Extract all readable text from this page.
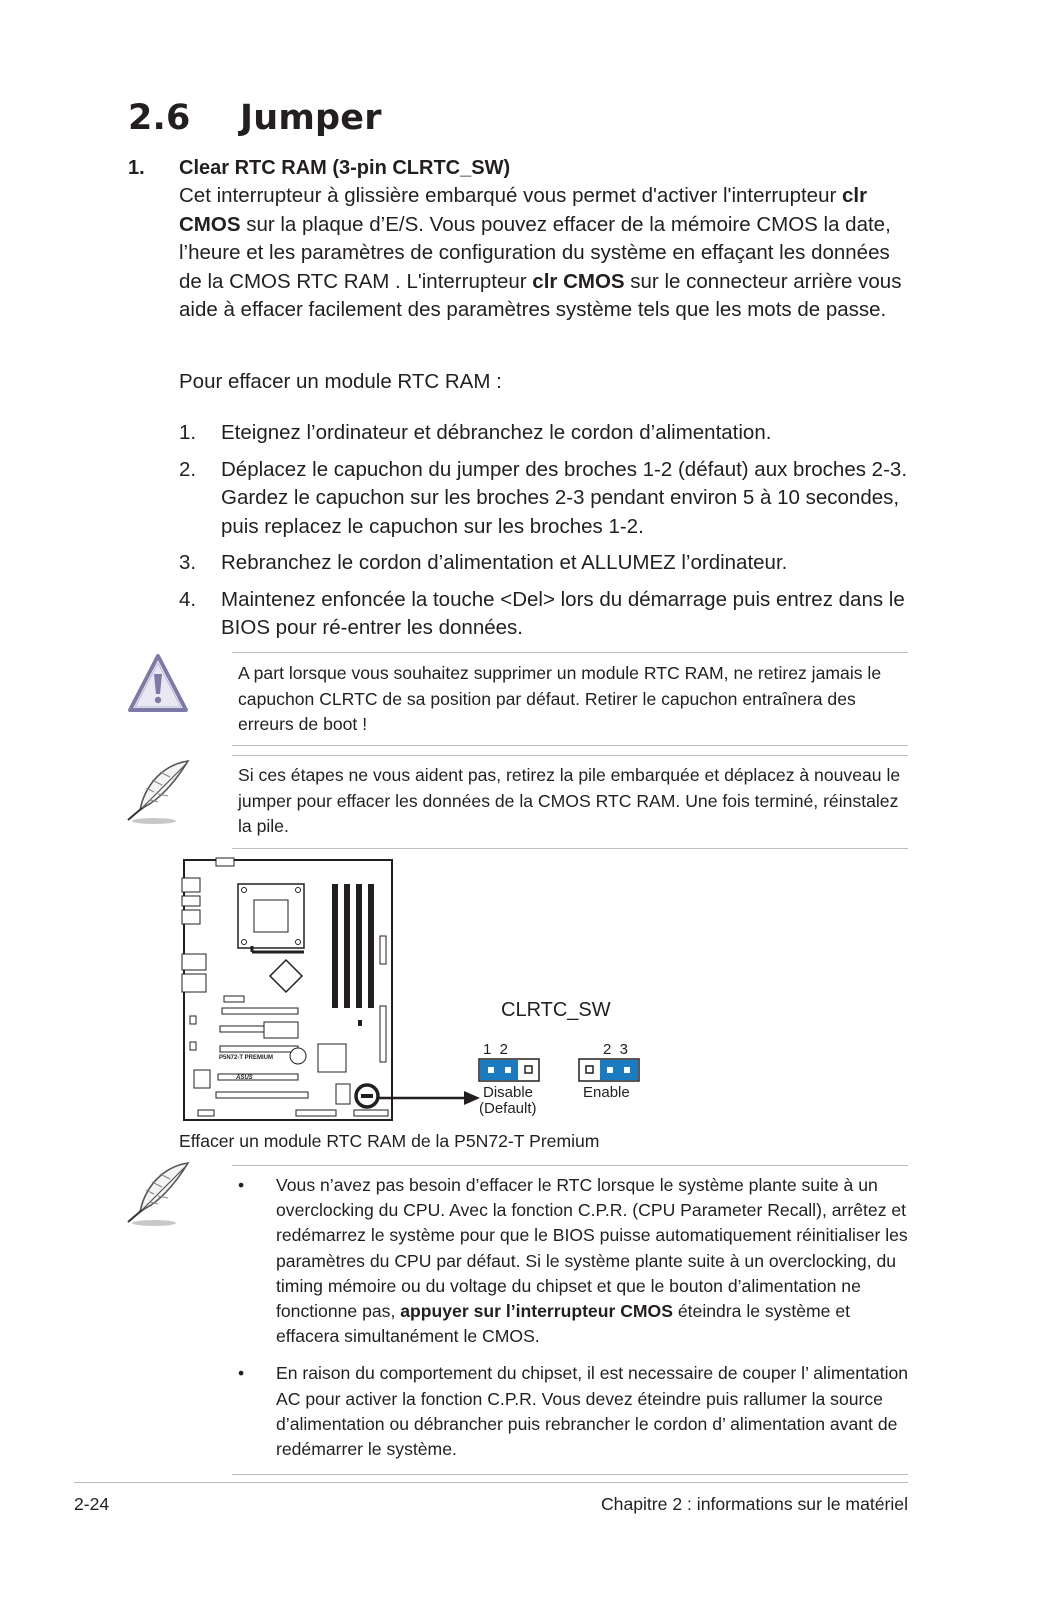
2.6 Jumper
1. Clear RTC RAM (3-pin CLRTC_SW)
Cet interrupteur à glissière embarqué vous permet d'activer l'interrupteur clr CMOS sur la plaque d’E/S. Vous pouvez effacer de la mémoire CMOS la date, l’heure et les paramètres de configuration du système en effaçant les données de la CMOS RTC RAM . L'interrupteur clr CMOS sur le connecteur arrière vous aide à effacer facilement des paramètres système tels que les mots de passe.
Pour effacer un module RTC RAM :
1. Eteignez l’ordinateur et débranchez le cordon d’alimentation.
2. Déplacez le capuchon du jumper des broches 1-2 (défaut) aux broches 2-3. Gardez le capuchon sur les broches 2-3 pendant environ 5 à 10 secondes, puis replacez le capuchon sur les broches 1-2.
3. Rebranchez le cordon d’alimentation et ALLUMEZ l’ordinateur.
4. Maintenez enfoncée la touche <Del> lors du démarrage puis entrez dans le BIOS pour ré-entrer les données.
A part lorsque vous souhaitez supprimer un module RTC RAM, ne retirez jamais le capuchon CLRTC de sa position par défaut. Retirer le capuchon entraînera des erreurs de boot !
Si ces étapes ne vous aident pas, retirez la pile embarquée et déplacez à nouveau le jumper pour effacer les données de la CMOS RTC RAM. Une fois terminé, réinstalez la pile.
P5N72-T PREMIUM
ASUS
CLRTC_SW
1  2	2  3
Disable
(Default)
Enable
Effacer un module RTC RAM de la P5N72-T Premium
• Vous n’avez pas besoin d’effacer le RTC lorsque le système plante suite à un overclocking du CPU. Avec la fonction C.P.R. (CPU Parameter Recall), arrêtez et redémarrez le système pour que le BIOS puisse automatiquement réinitialiser les paramètres du CPU par défaut. Si le système plante suite à un overclocking, du timing mémoire ou du voltage du chipset et que le bouton d’alimentation ne fonctionne pas, appuyer sur l’interrupteur CMOS éteindra le système et effacera simultanément le CMOS.
• En raison du comportement du chipset, il est necessaire de couper l’ alimentation AC pour activer la fonction C.P.R. Vous devez éteindre puis rallumer la source d’alimentation ou débrancher puis rebrancher le cordon d’ alimentation avant de redémarrer le système.
2-24	Chapitre 2 : informations sur le matériel
